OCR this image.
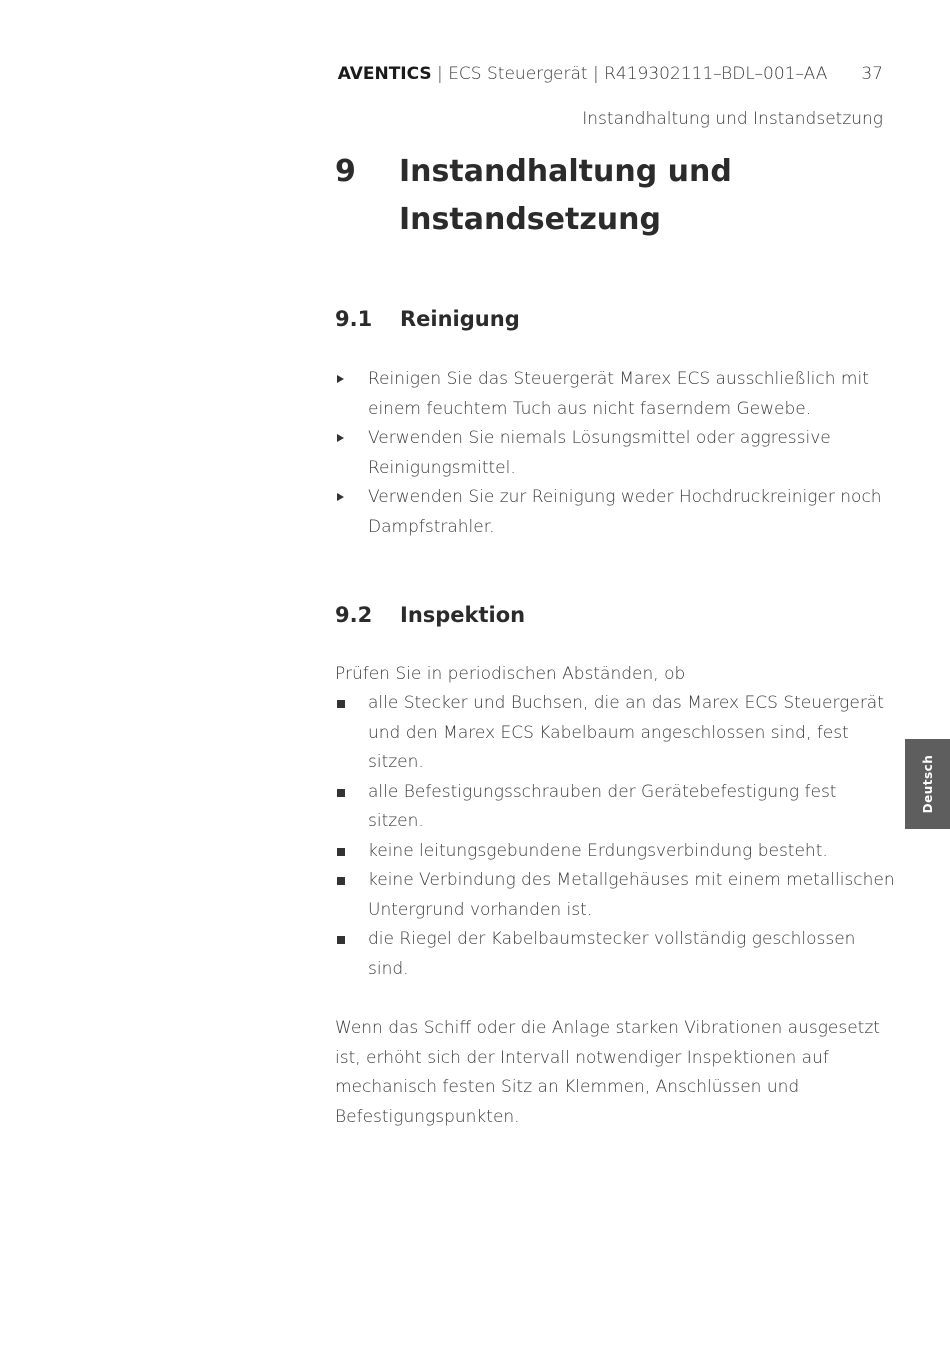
AVENTICS | ECS Steuergerät | R419302111–BDL–001–AA 37
Instandhaltung und Instandsetzung
9 Instandhaltung und Instandsetzung
9.1 Reinigung
Reinigen Sie das Steuergerät Marex ECS ausschließlich mit einem feuchtem Tuch aus nicht faserndem Gewebe.
Verwenden Sie niemals Lösungsmittel oder aggressive Reinigungsmittel.
Verwenden Sie zur Reinigung weder Hochdruckreiniger noch Dampfstrahler.
9.2 Inspektion

Prüfen Sie in periodischen Abständen, ob

alle Stecker und Buchsen, die an das Marex ECS Steuergerät und den Marex ECS Kabelbaum angeschlossen sind, fest sitzen.
alle Befestigungsschrauben der Gerätebefestigung fest sitzen.
keine leitungsgebundene Erdungsverbindung besteht.
keine Verbindung des Metallgehäuses mit einem metallischen Untergrund vorhanden ist.
die Riegel der Kabelbaumstecker vollständig geschlossen sind.

Wenn das Schiff oder die Anlage starken Vibrationen ausgesetzt ist, erhöht sich der Intervall notwendiger Inspektionen auf mechanisch festen Sitz an Klemmen, Anschlüssen und Befestigungspunkten.

Deutsch
